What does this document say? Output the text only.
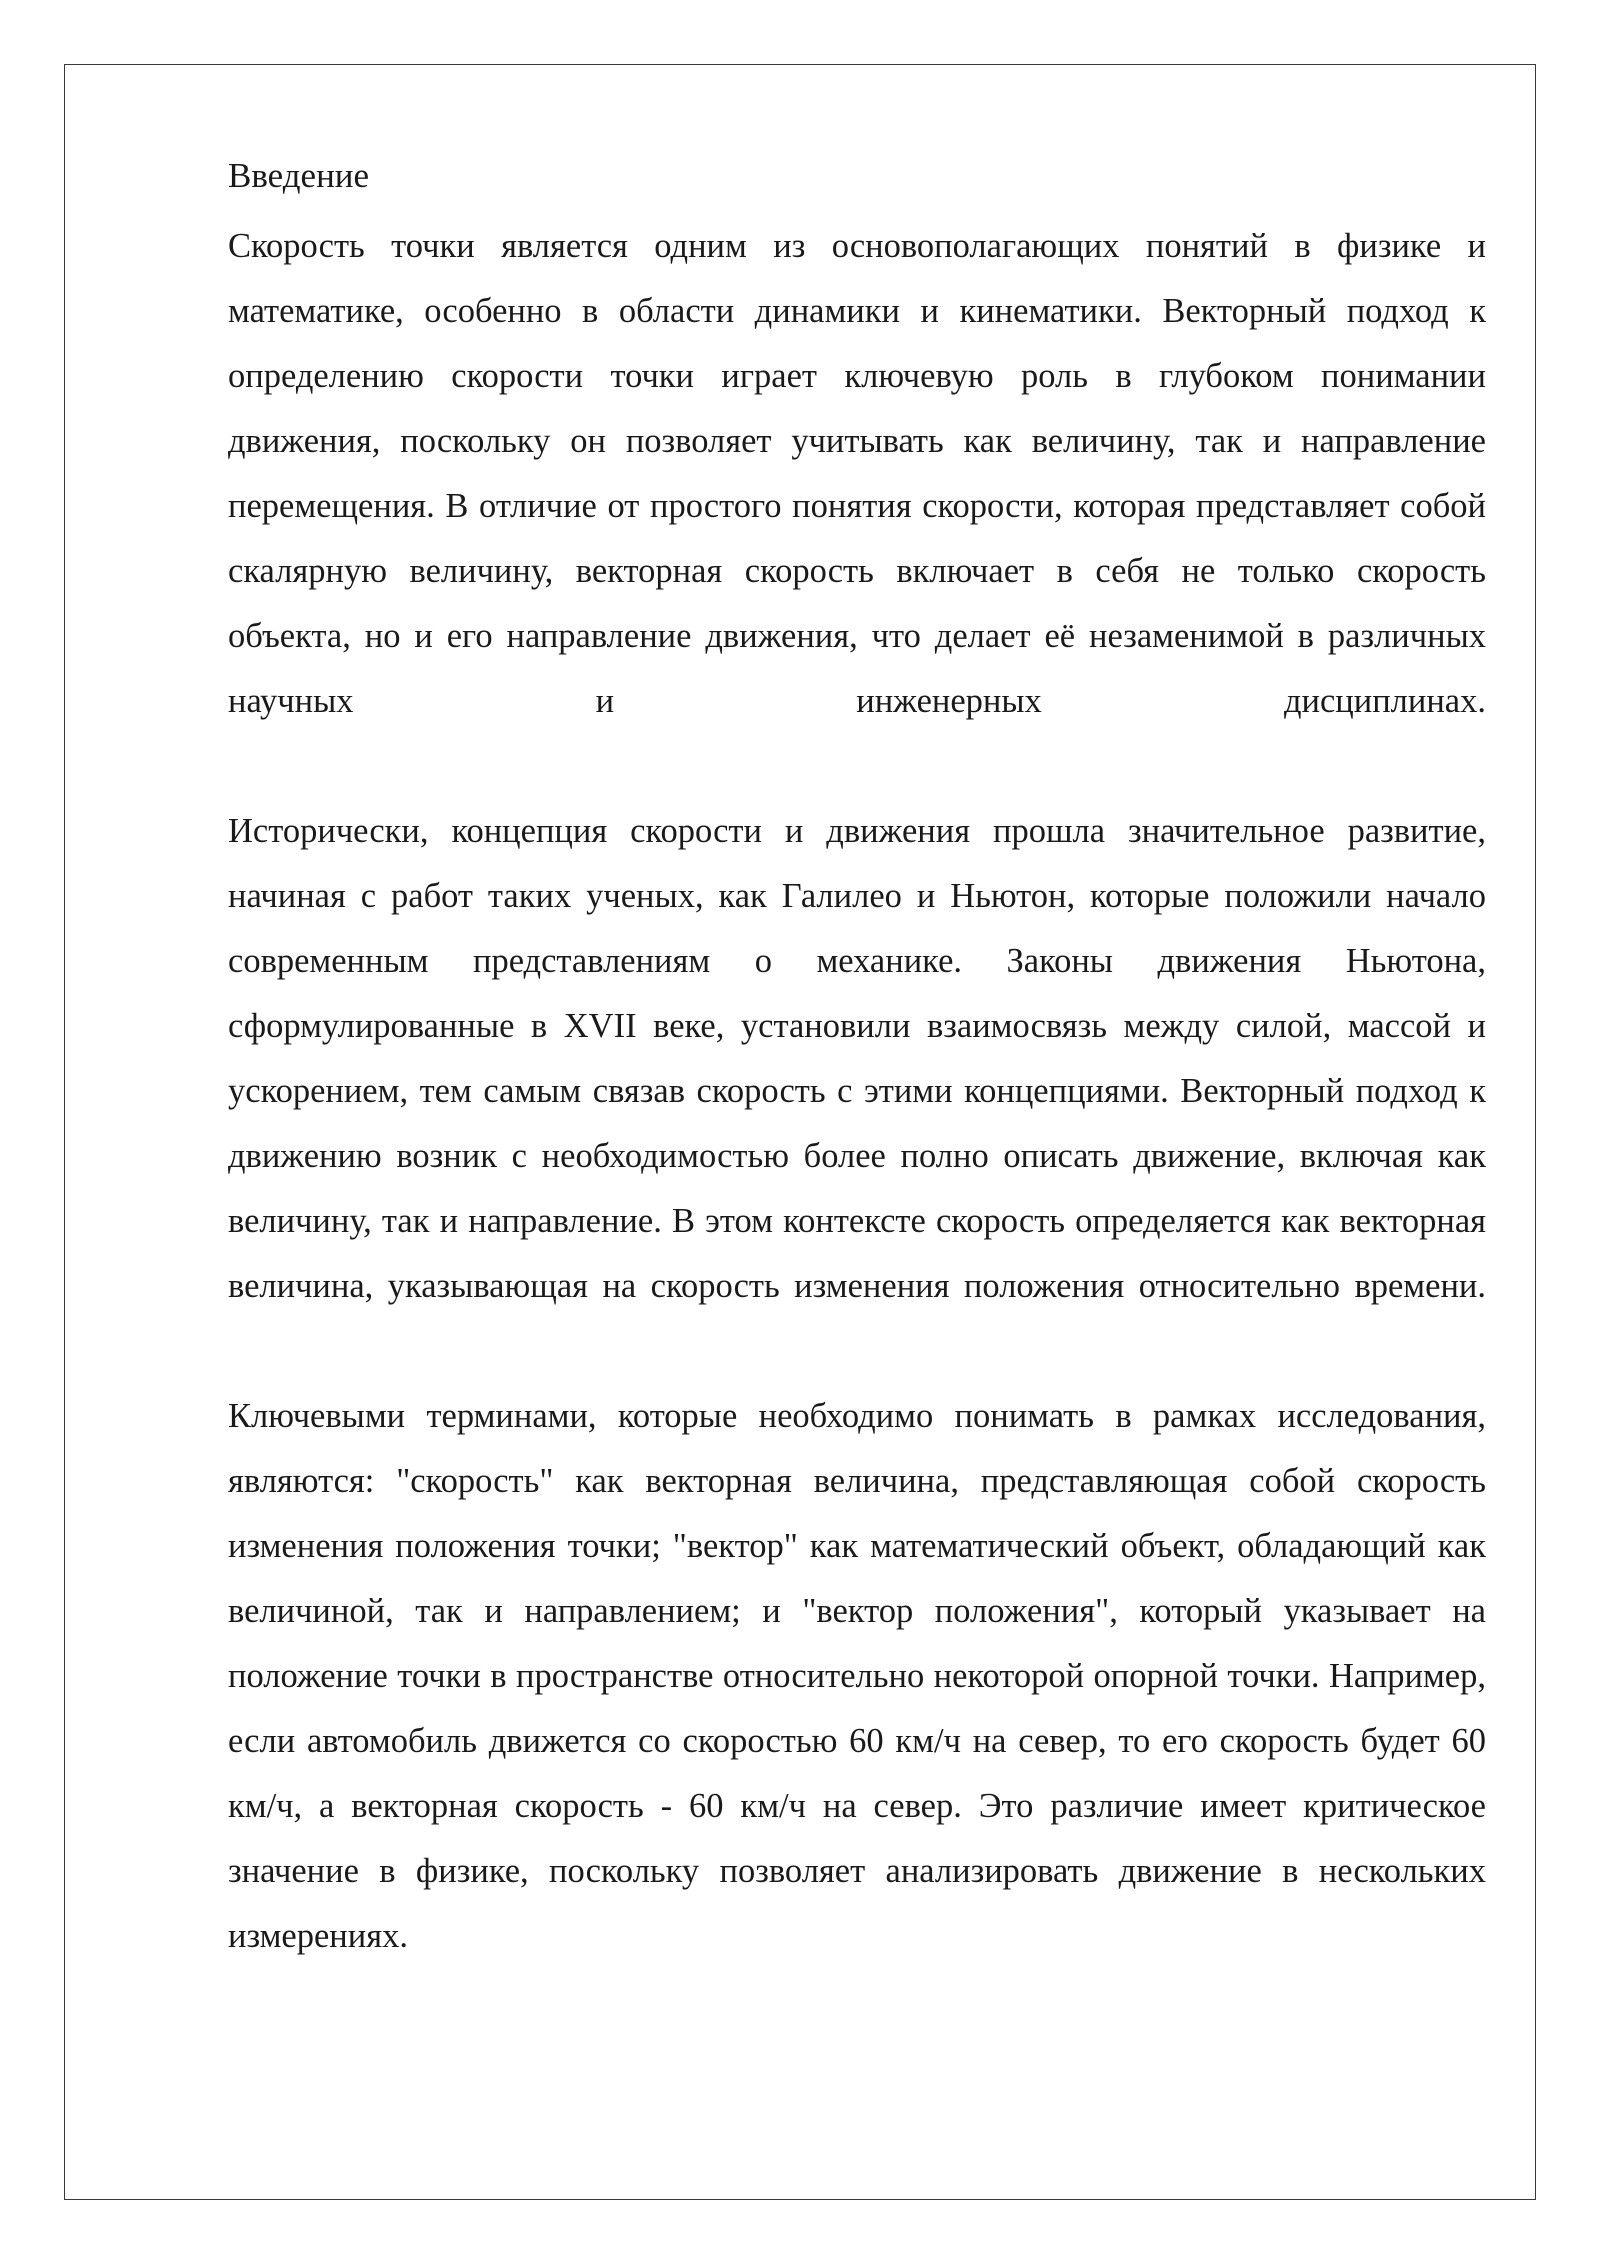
Введение

Скорость точки является одним из основополагающих понятий в физике и математике, особенно в области динамики и кинематики. Векторный подход к определению скорости точки играет ключевую роль в глубоком понимании движения, поскольку он позволяет учитывать как величину, так и направление перемещения. В отличие от простого понятия скорости, которая представляет собой скалярную величину, векторная скорость включает в себя не только скорость объекта, но и его направление движения, что делает её незаменимой в различных научных и инженерных дисциплинах.

Исторически, концепция скорости и движения прошла значительное развитие, начиная с работ таких ученых, как Галилео и Ньютон, которые положили начало современным представлениям о механике. Законы движения Ньютона, сформулированные в XVII веке, установили взаимосвязь между силой, массой и ускорением, тем самым связав скорость с этими концепциями. Векторный подход к движению возник с необходимостью более полно описать движение, включая как величину, так и направление. В этом контексте скорость определяется как векторная величина, указывающая на скорость изменения положения относительно времени.

Ключевыми терминами, которые необходимо понимать в рамках исследования, являются: "скорость" как векторная величина, представляющая собой скорость изменения положения точки; "вектор" как математический объект, обладающий как величиной, так и направлением; и "вектор положения", который указывает на положение точки в пространстве относительно некоторой опорной точки. Например, если автомобиль движется со скоростью 60 км/ч на север, то его скорость будет 60 км/ч, а векторная скорость - 60 км/ч на север. Это различие имеет критическое значение в физике, поскольку позволяет анализировать движение в нескольких измерениях.
